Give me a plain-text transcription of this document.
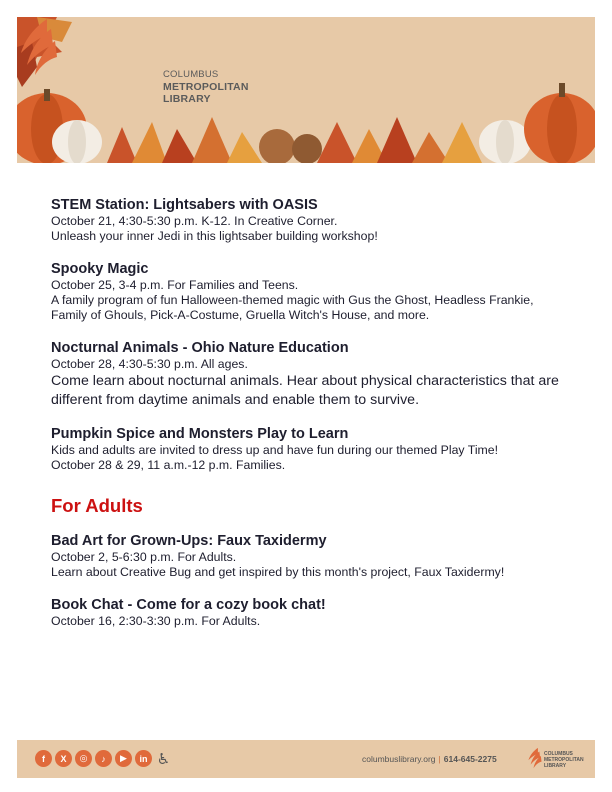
COLUMBUS
METROPOLITAN
LIBRARY
STEM Station: Lightsabers with OASIS

October 21, 4:30-5:30 p.m. K-12. In Creative Corner.

Unleash your inner Jedi in this lightsaber building workshop!

Spooky Magic

October 25, 3-4 p.m. For Families and Teens.

A family program of fun Halloween-themed magic with Gus the Ghost, Headless Frankie, Family of Ghouls, Pick-A-Costume, Gruella Witch's House, and more.

Nocturnal Animals - Ohio Nature Education

October 28, 4:30-5:30 p.m. All ages.

Come learn about nocturnal animals. Hear about physical characteristics that are different from daytime animals and enable them to survive.

Pumpkin Spice and Monsters Play to Learn

Kids and adults are invited to dress up and have fun during our themed Play Time!

October 28 & 29, 11 a.m.-12 p.m. Families.

For Adults
Bad Art for Grown-Ups: Faux Taxidermy

October 2, 5-6:30 p.m. For Adults.

Learn about Creative Bug and get inspired by this month's project, Faux Taxidermy!

Book Chat - Come for a cozy book chat!

October 16, 2:30-3:30 p.m. For Adults.

f	X	◎	♪	▶	in ♿	columbuslibrary.org | 614-645-2275	COLUMBUS
METROPOLITAN
LIBRARY
